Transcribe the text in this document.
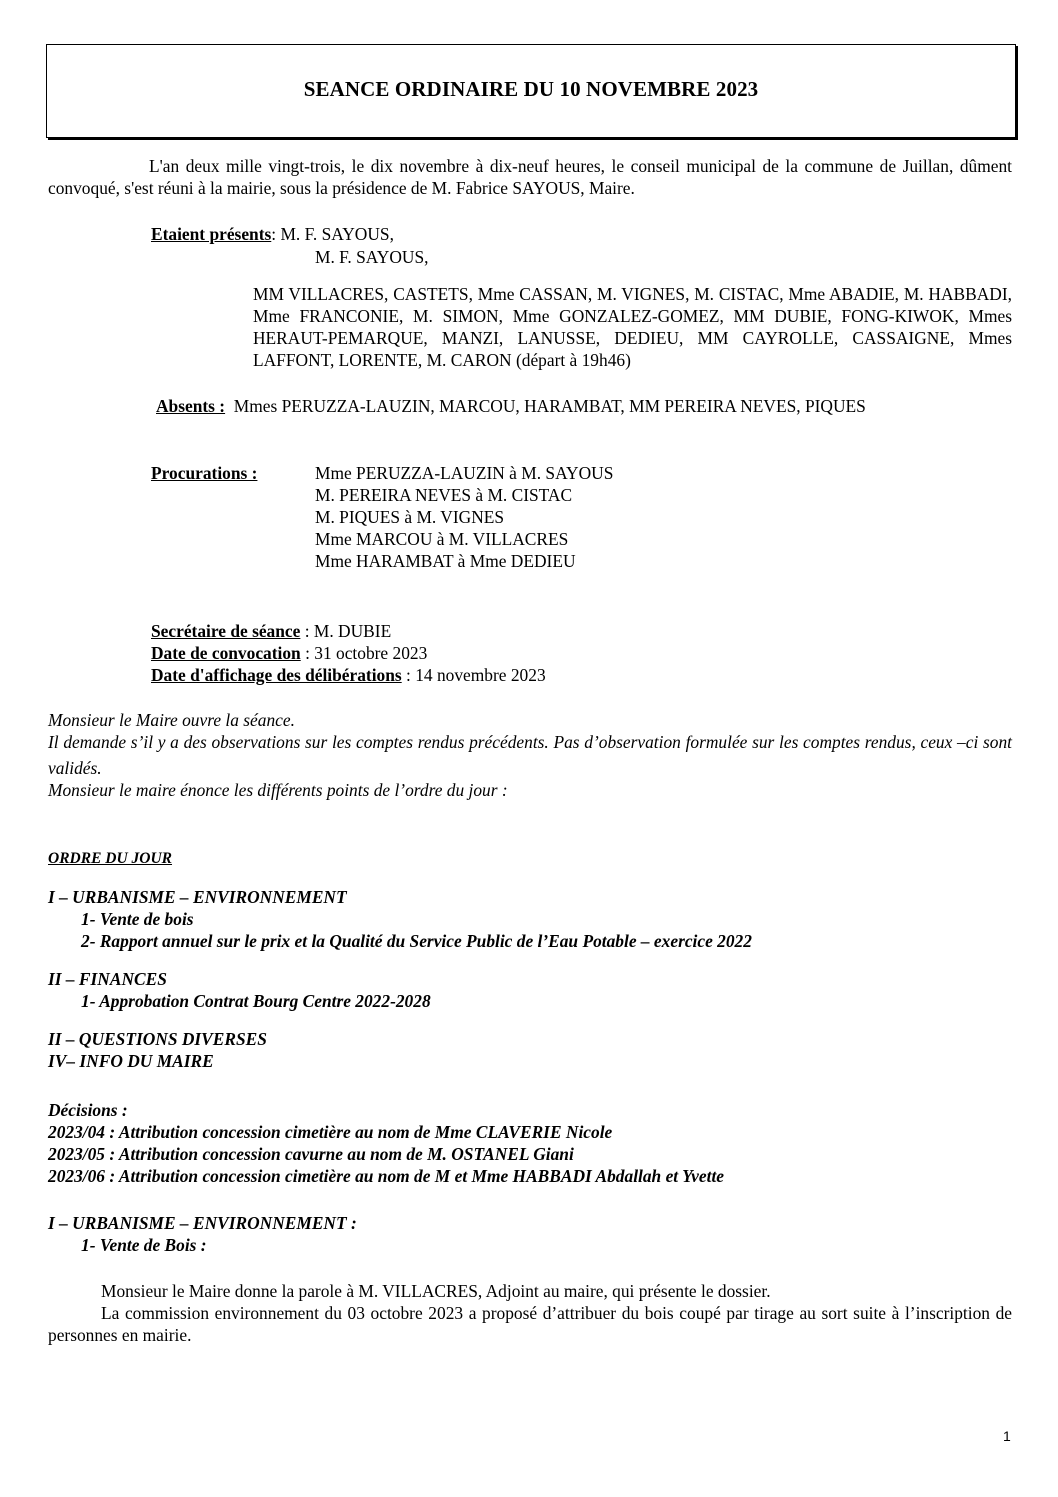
SEANCE ORDINAIRE DU 10 NOVEMBRE 2023

L'an deux mille vingt-trois, le dix novembre à dix-neuf heures, le conseil municipal de la commune de Juillan, dûment convoqué, s'est réuni à la mairie, sous la présidence de M. Fabrice SAYOUS, Maire.

Etaient présents: M. F. SAYOUS,
M. F. SAYOUS,

MM VILLACRES, CASTETS, Mme CASSAN, M. VIGNES, M. CISTAC, Mme ABADIE, M. HABBADI, Mme FRANCONIE, M. SIMON, Mme GONZALEZ-GOMEZ, MM DUBIE, FONG-KIWOK, Mmes HERAUT-PEMARQUE, MANZI, LANUSSE, DEDIEU, MM CAYROLLE, CASSAIGNE, Mmes LAFFONT, LORENTE, M. CARON (départ à 19h46)

Absents : Mmes PERUZZA-LAUZIN, MARCOU, HARAMBAT, MM PEREIRA NEVES, PIQUES
Procurations :	Mme PERUZZA-LAUZIN à M. SAYOUS
M. PEREIRA NEVES à M. CISTAC
M. PIQUES à M. VIGNES
Mme MARCOU à M. VILLACRES
Mme HARAMBAT à Mme DEDIEU
Secrétaire de séance : M. DUBIE
Date de convocation : 31 octobre 2023
Date d'affichage des délibérations : 14 novembre 2023
Monsieur le Maire ouvre la séance.

Il demande s’il y a des observations sur les comptes rendus précédents. Pas d’observation formulée sur les comptes rendus, ceux –ci sont validés.

Monsieur le maire énonce les différents points de l’ordre du jour :
ORDRE DU JOUR
I – URBANISME – ENVIRONNEMENT
1- Vente de bois
2- Rapport annuel sur le prix et la Qualité du Service Public de l’Eau Potable – exercice 2022
II – FINANCES
1- Approbation Contrat Bourg Centre 2022-2028
II – QUESTIONS DIVERSES
IV– INFO DU MAIRE
Décisions :
2023/04 : Attribution concession cimetière au nom de Mme CLAVERIE Nicole
2023/05 : Attribution concession cavurne au nom de M. OSTANEL Giani
2023/06 : Attribution concession cimetière au nom de M et Mme HABBADI Abdallah et Yvette
I – URBANISME – ENVIRONNEMENT :
1- Vente de Bois :
Monsieur le Maire donne la parole à M. VILLACRES, Adjoint au maire, qui présente le dossier.

La commission environnement du 03 octobre 2023 a proposé d’attribuer du bois coupé par tirage au sort suite à l’inscription de personnes en mairie.

1
